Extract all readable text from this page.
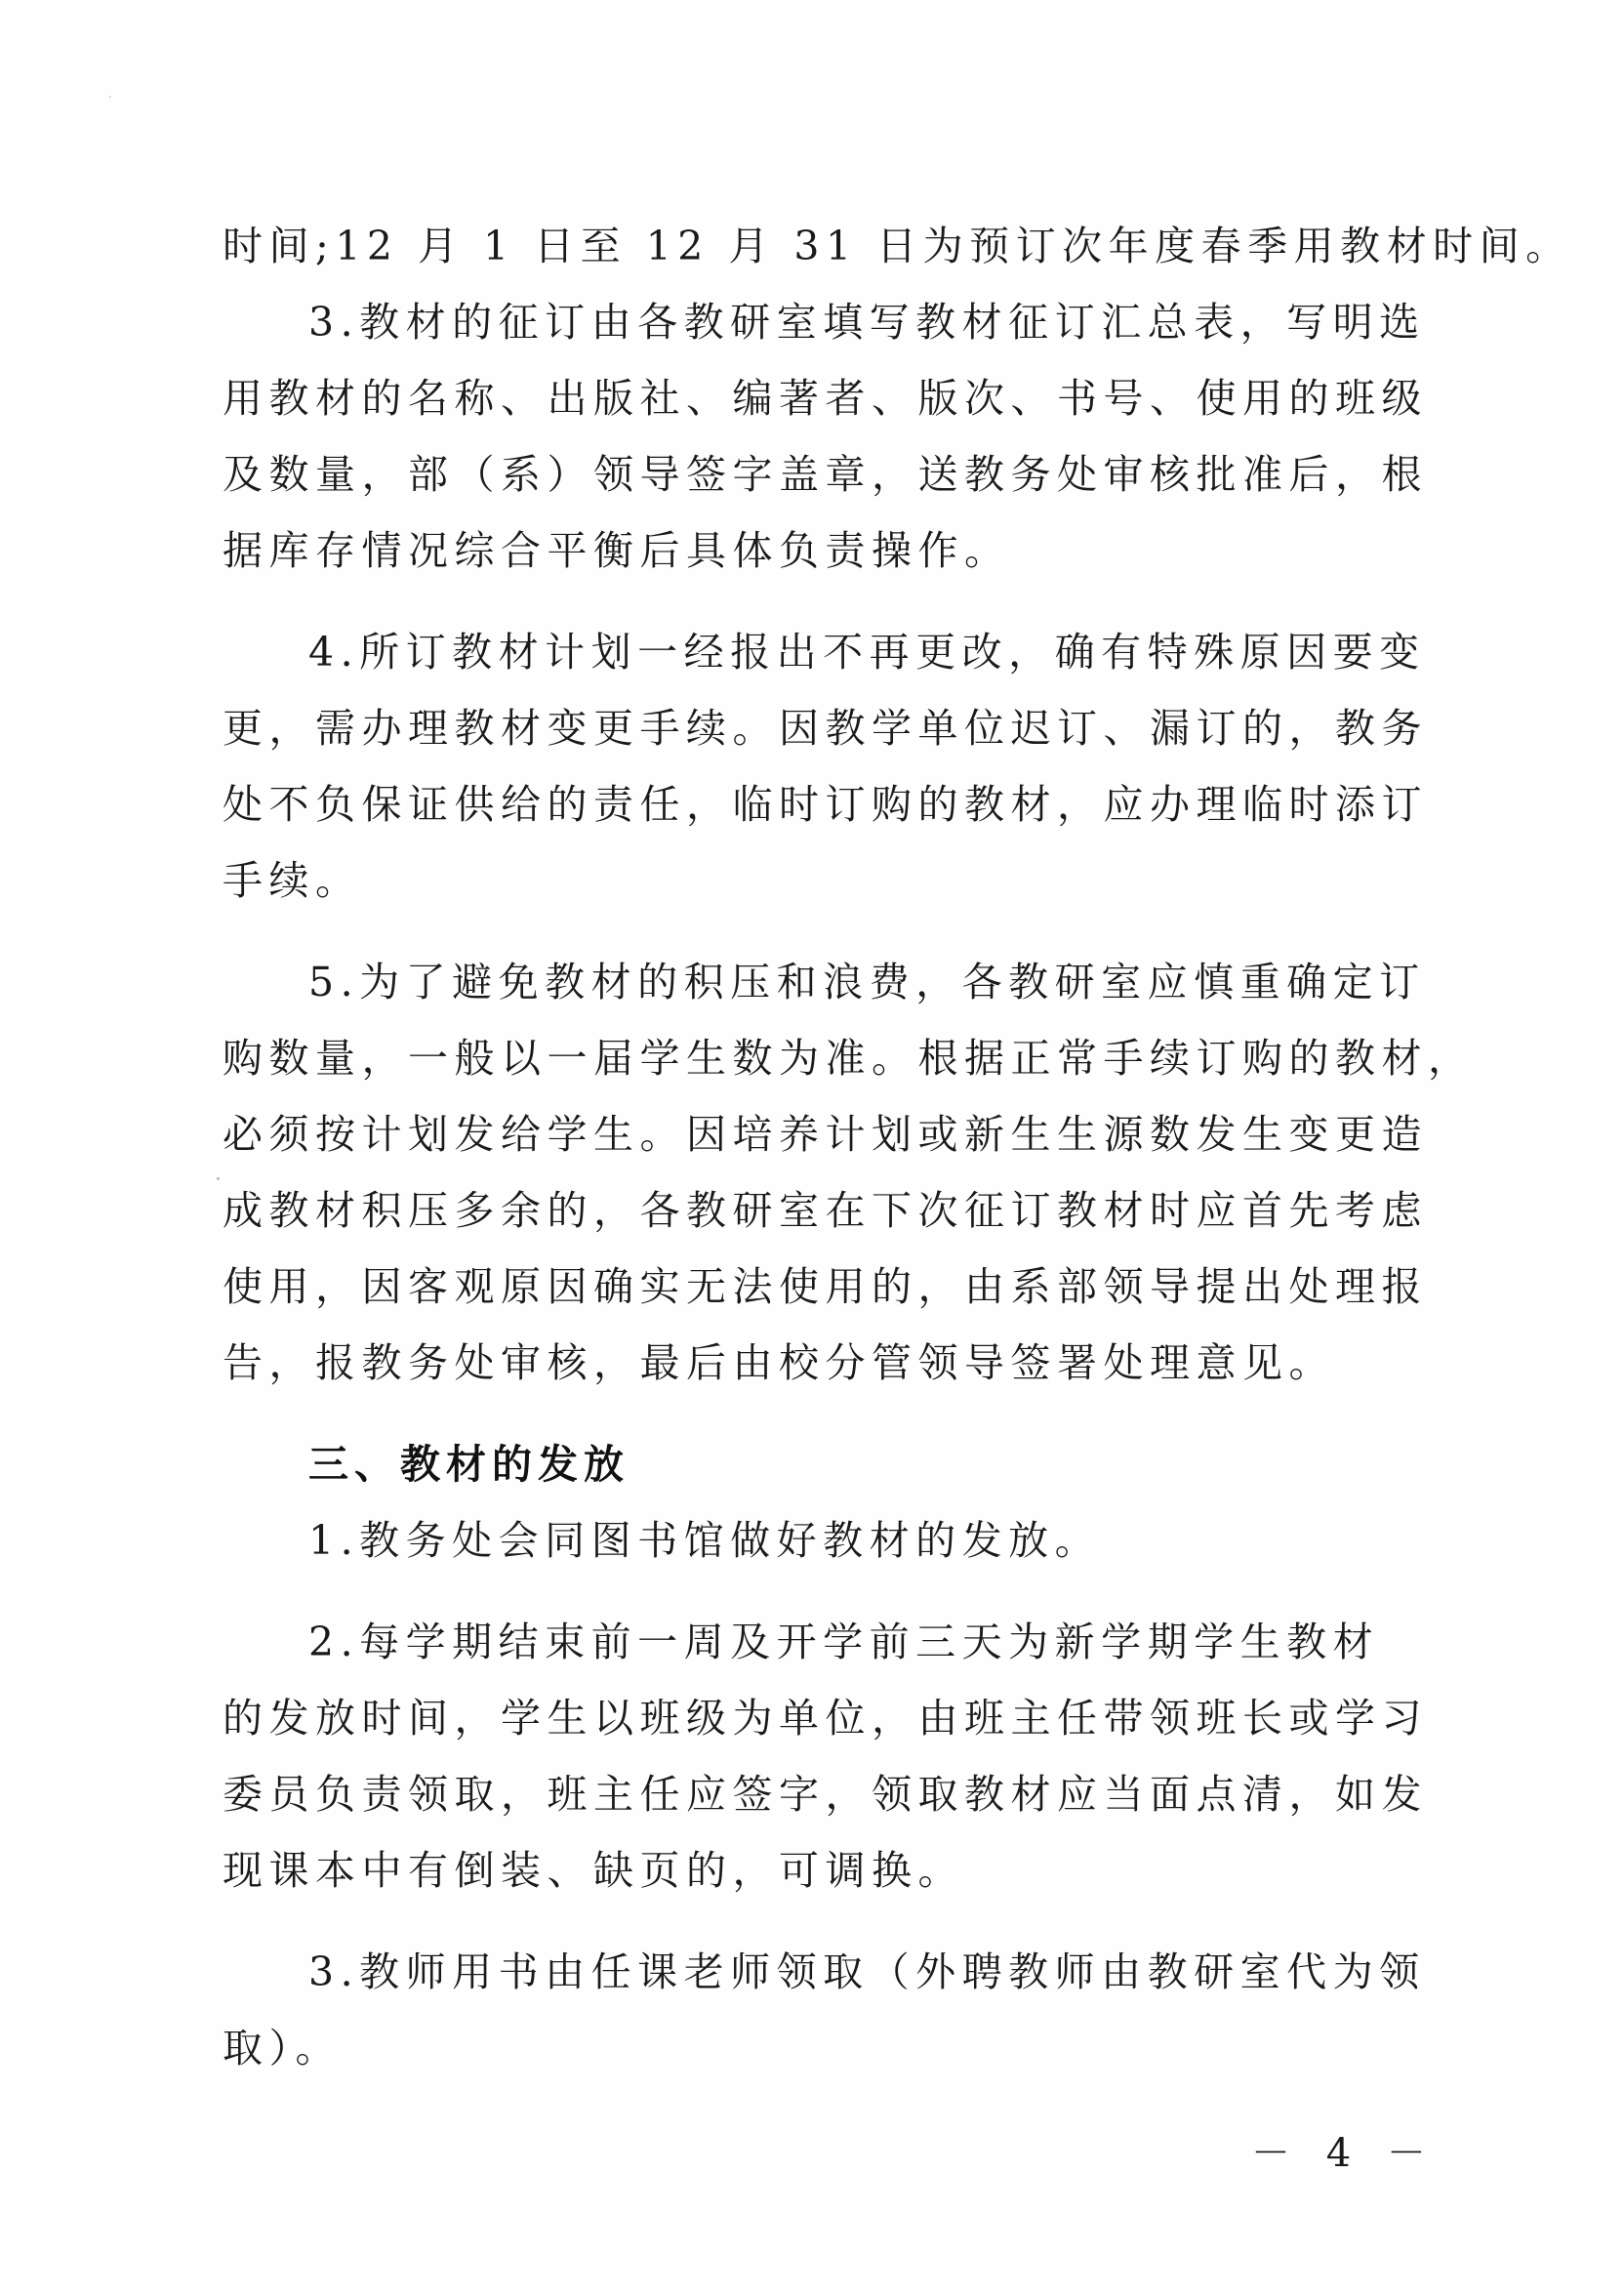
时间;12 月 1 日至 12 月 31 日为预订次年度春季用教材时间。
3.教材的征订由各教研室填写教材征订汇总表，写明选
用教材的名称、出版社、编著者、版次、书号、使用的班级
及数量，部（系）领导签字盖章，送教务处审核批准后，根
据库存情况综合平衡后具体负责操作。
4.所订教材计划一经报出不再更改，确有特殊原因要变
更，需办理教材变更手续。因教学单位迟订、漏订的，教务
处不负保证供给的责任，临时订购的教材，应办理临时添订
手续。
5.为了避免教材的积压和浪费，各教研室应慎重确定订
购数量，一般以一届学生数为准。根据正常手续订购的教材，
必须按计划发给学生。因培养计划或新生生源数发生变更造
成教材积压多余的，各教研室在下次征订教材时应首先考虑
使用，因客观原因确实无法使用的，由系部领导提出处理报
告，报教务处审核，最后由校分管领导签署处理意见。
三、教材的发放
1.教务处会同图书馆做好教材的发放。
2.每学期结束前一周及开学前三天为新学期学生教材
的发放时间，学生以班级为单位，由班主任带领班长或学习
委员负责领取，班主任应签字，领取教材应当面点清，如发
现课本中有倒装、缺页的，可调换。
3.教师用书由任课老师领取（外聘教师由教研室代为领
取）。
－ 4 －
